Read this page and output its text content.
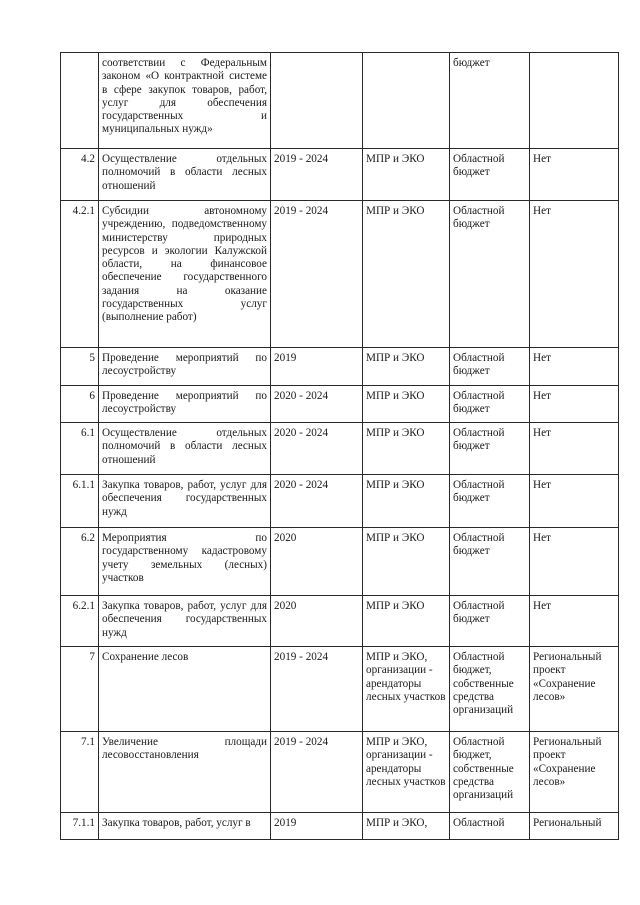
	соответствии с Федеральным законом «О контрактной системе в сфере закупок товаров, работ, услуг для обеспечения государственных и муниципальных нужд»			бюджет	
4.2	Осуществление отдельных полномочий в области лесных отношений	2019 - 2024	МПР и ЭКО	Областной бюджет	Нет
4.2.1	Субсидии автономному учреждению, подведомственному министерству природных ресурсов и экологии Калужской области, на финансовое обеспечение государственного задания на оказание государственных услуг (выполнение работ)	2019 - 2024	МПР и ЭКО	Областной бюджет	Нет
5	Проведение мероприятий по лесоустройству	2019	МПР и ЭКО	Областной бюджет	Нет
6	Проведение мероприятий по лесоустройству	2020 - 2024	МПР и ЭКО	Областной бюджет	Нет
6.1	Осуществление отдельных полномочий в области лесных отношений	2020 - 2024	МПР и ЭКО	Областной бюджет	Нет
6.1.1	Закупка товаров, работ, услуг для обеспечения государственных нужд	2020 - 2024	МПР и ЭКО	Областной бюджет	Нет
6.2	Мероприятия по государственному кадастровому учету земельных (лесных) участков	2020	МПР и ЭКО	Областной бюджет	Нет
6.2.1	Закупка товаров, работ, услуг для обеспечения государственных нужд	2020	МПР и ЭКО	Областной бюджет	Нет
7	Сохранение лесов	2019 - 2024	МПР и ЭКО, организации - арендаторы лесных участков	Областной бюджет, собственные средства организаций	Региональный проект «Сохранение лесов»
7.1	Увеличение площади лесовосстановления	2019 - 2024	МПР и ЭКО, организации - арендаторы лесных участков	Областной бюджет, собственные средства организаций	Региональный проект «Сохранение лесов»
7.1.1	Закупка товаров, работ, услуг в	2019	МПР и ЭКО,	Областной	Региональный
